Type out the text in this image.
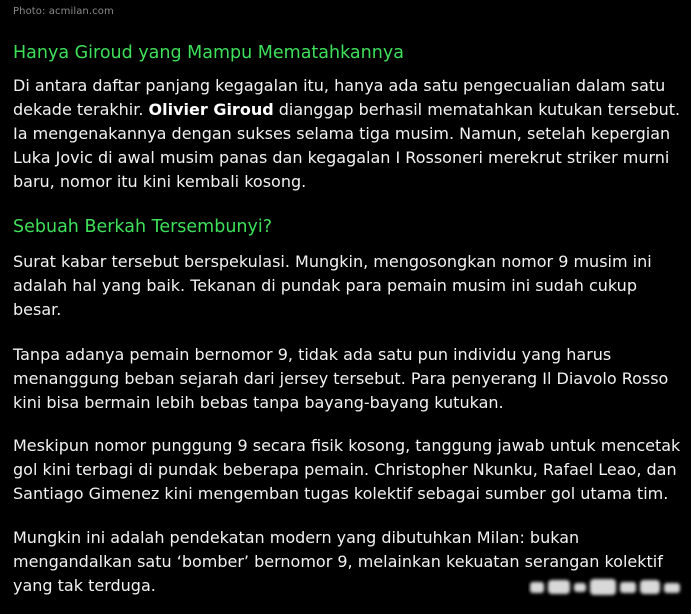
Photo: acmilan.com
Hanya Giroud yang Mampu Mematahkannya

Di antara daftar panjang kegagalan itu, hanya ada satu pengecualian dalam satu
dekade terakhir. Olivier Giroud dianggap berhasil mematahkan kutukan tersebut.
Ia mengenakannya dengan sukses selama tiga musim. Namun, setelah kepergian
Luka Jovic di awal musim panas dan kegagalan I Rossoneri merekrut striker murni
baru, nomor itu kini kembali kosong.

Sebuah Berkah Tersembunyi?

Surat kabar tersebut berspekulasi. Mungkin, mengosongkan nomor 9 musim ini
adalah hal yang baik. Tekanan di pundak para pemain musim ini sudah cukup
besar.

Tanpa adanya pemain bernomor 9, tidak ada satu pun individu yang harus
menanggung beban sejarah dari jersey tersebut. Para penyerang Il Diavolo Rosso
kini bisa bermain lebih bebas tanpa bayang-bayang kutukan.

Meskipun nomor punggung 9 secara fisik kosong, tanggung jawab untuk mencetak
gol kini terbagi di pundak beberapa pemain. Christopher Nkunku, Rafael Leao, dan
Santiago Gimenez kini mengemban tugas kolektif sebagai sumber gol utama tim.

Mungkin ini adalah pendekatan modern yang dibutuhkan Milan: bukan
mengandalkan satu ‘bomber’ bernomor 9, melainkan kekuatan serangan kolektif
yang tak terduga.
